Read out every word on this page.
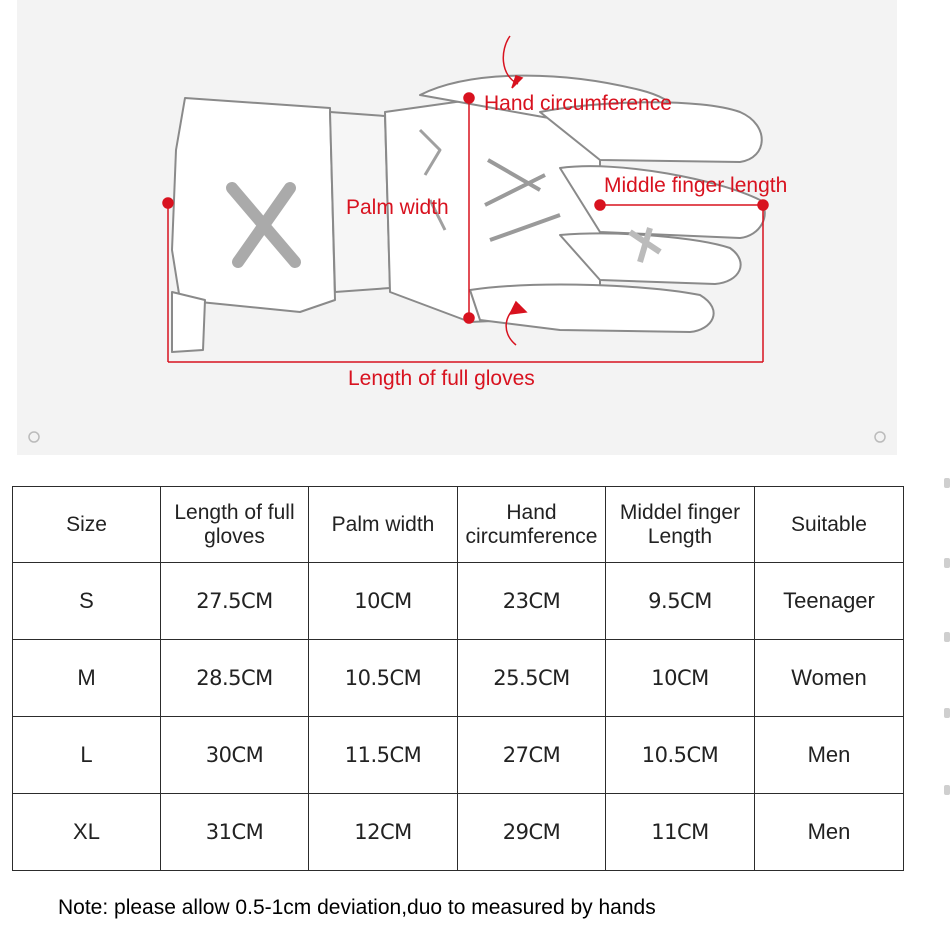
Hand circumference
Middle finger length
Palm width
Length of full gloves
Size	Length of full gloves	Palm width	Hand circumference	Middel finger Length	Suitable
S	27.5CM	10CM	23CM	9.5CM	Teenager
M	28.5CM	10.5CM	25.5CM	10CM	Women
L	30CM	11.5CM	27CM	10.5CM	Men
XL	31CM	12CM	29CM	11CM	Men
Note: please allow 0.5-1cm deviation,duo to measured by hands
